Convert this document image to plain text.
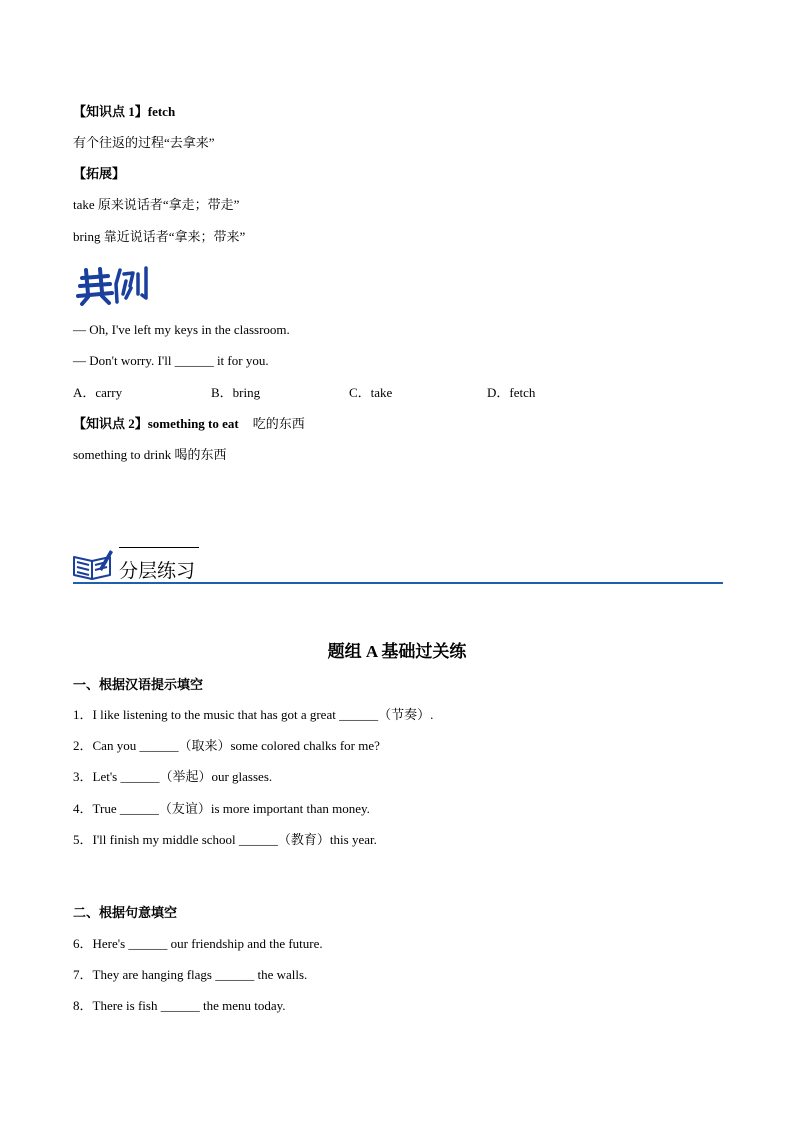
【知识点 1】fetch
有个往返的过程“去拿来”
【拓展】
take 原来说话者“拿走；带走”
bring 靠近说话者“拿来；带来”
— Oh, I've left my keys in the classroom.
— Don't worry. I'll ______ it for you.
A．carry	B．bring	C．take	D．fetch
【知识点 2】something to eat 吃的东西
something to drink 喝的东西
分层练习
题组 A 基础过关练
一、根据汉语提示填空
1．I like listening to the music that has got a great ______（节奏）.
2．Can you ______（取来）some colored chalks for me?
3．Let's ______（举起）our glasses.
4．True ______（友谊）is more important than money.
5．I'll finish my middle school ______（教育）this year.
二、根据句意填空
6．Here's ______ our friendship and the future.
7．They are hanging flags ______ the walls.
8．There is fish ______ the menu today.
